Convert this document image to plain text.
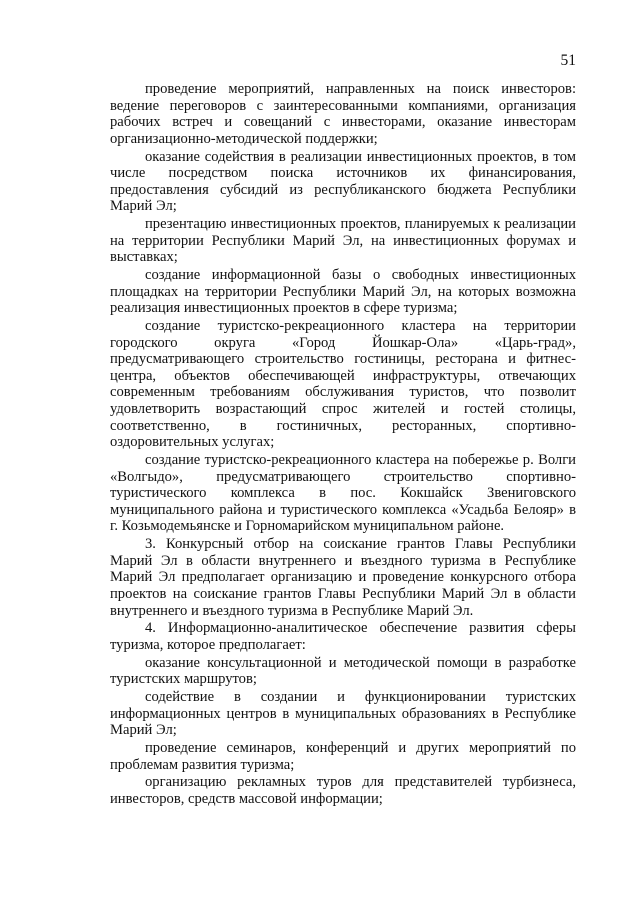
51

проведение мероприятий, направленных на поиск инвесторов: ведение переговоров с заинтересованными компаниями, организация рабочих встреч и совещаний с инвесторами, оказание инвесторам организационно-методической поддержки;

оказание содействия в реализации инвестиционных проектов, в том числе посредством поиска источников их финансирования, предоставления субсидий из республиканского бюджета Республики Марий Эл;

презентацию инвестиционных проектов, планируемых к реализации на территории Республики Марий Эл, на инвестиционных форумах и выставках;

создание информационной базы о свободных инвестиционных площадках на территории Республики Марий Эл, на которых возможна реализация инвестиционных проектов в сфере туризма;

создание туристско-рекреационного кластера на территории городского округа «Город Йошкар-Ола» «Царь-град», предусматривающего строительство гостиницы, ресторана и фитнес-центра, объектов обеспечивающей инфраструктуры, отвечающих современным требованиям обслуживания туристов, что позволит удовлетворить возрастающий спрос жителей и гостей столицы, соответственно, в гостиничных, ресторанных, спортивно-оздоровительных услугах;

создание туристско-рекреационного кластера на побережье р. Волги «Волгыдо», предусматривающего строительство спортивно-туристического комплекса в пос. Кокшайск Звениговского муниципального района и туристического комплекса «Усадьба Белояр» в г. Козьмодемьянске и Горномарийском муниципальном районе.

3. Конкурсный отбор на соискание грантов Главы Республики Марий Эл в области внутреннего и въездного туризма в Республике Марий Эл предполагает организацию и проведение конкурсного отбора проектов на соискание грантов Главы Республики Марий Эл в области внутреннего и въездного туризма в Республике Марий Эл.

4. Информационно-аналитическое обеспечение развития сферы туризма, которое предполагает:

оказание консультационной и методической помощи в разработке туристских маршрутов;

содействие в создании и функционировании туристских информационных центров в муниципальных образованиях в Республике Марий Эл;

проведение семинаров, конференций и других мероприятий по проблемам развития туризма;

организацию рекламных туров для представителей турбизнеса, инвесторов, средств массовой информации;
